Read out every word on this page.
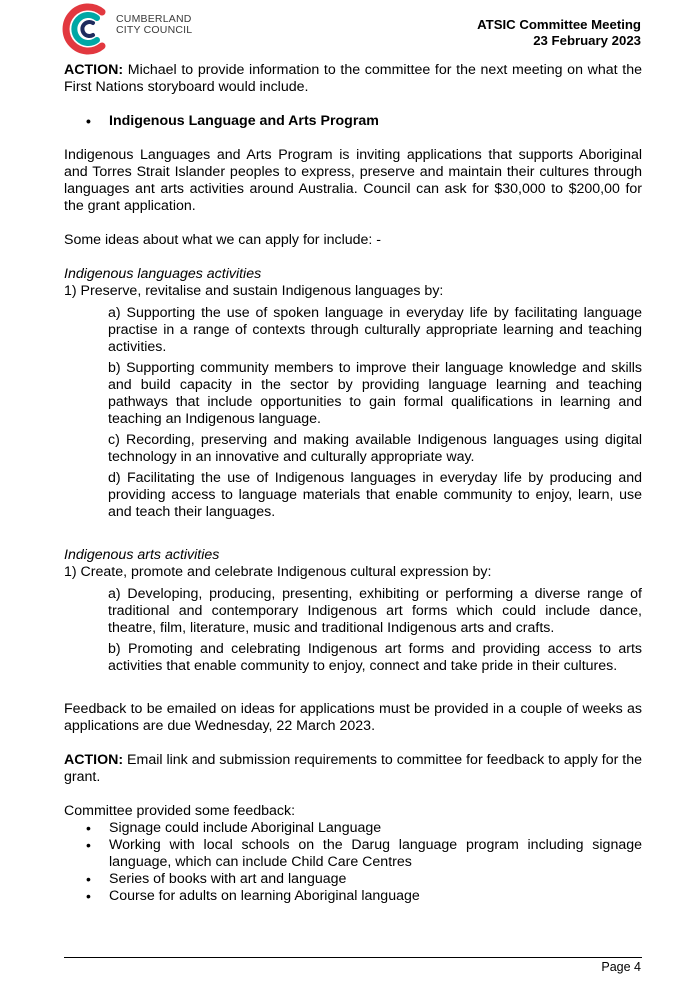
CUMBERLAND
CITY COUNCIL	ATSIC Committee Meeting
23 February 2023
ACTION: Michael to provide information to the committee for the next meeting on what the First Nations storyboard would include.
• Indigenous Language and Arts Program
Indigenous Languages and Arts Program is inviting applications that supports Aboriginal and Torres Strait Islander peoples to express, preserve and maintain their cultures through languages ant arts activities around Australia. Council can ask for $30,000 to $200,00 for the grant application.
Some ideas about what we can apply for include: -
Indigenous languages activities
1) Preserve, revitalise and sustain Indigenous languages by:
a) Supporting the use of spoken language in everyday life by facilitating language practise in a range of contexts through culturally appropriate learning and teaching activities.
b) Supporting community members to improve their language knowledge and skills and build capacity in the sector by providing language learning and teaching pathways that include opportunities to gain formal qualifications in learning and teaching an Indigenous language.
c) Recording, preserving and making available Indigenous languages using digital technology in an innovative and culturally appropriate way.
d) Facilitating the use of Indigenous languages in everyday life by producing and providing access to language materials that enable community to enjoy, learn, use and teach their languages.
Indigenous arts activities
1) Create, promote and celebrate Indigenous cultural expression by:
a) Developing, producing, presenting, exhibiting or performing a diverse range of traditional and contemporary Indigenous art forms which could include dance, theatre, film, literature, music and traditional Indigenous arts and crafts.
b) Promoting and celebrating Indigenous art forms and providing access to arts activities that enable community to enjoy, connect and take pride in their cultures.
Feedback to be emailed on ideas for applications must be provided in a couple of weeks as applications are due Wednesday, 22 March 2023.
ACTION: Email link and submission requirements to committee for feedback to apply for the grant.
Committee provided some feedback:
• Signage could include Aboriginal Language
• Working with local schools on the Darug language program including signage language, which can include Child Care Centres
• Series of books with art and language
• Course for adults on learning Aboriginal language
Page 4
